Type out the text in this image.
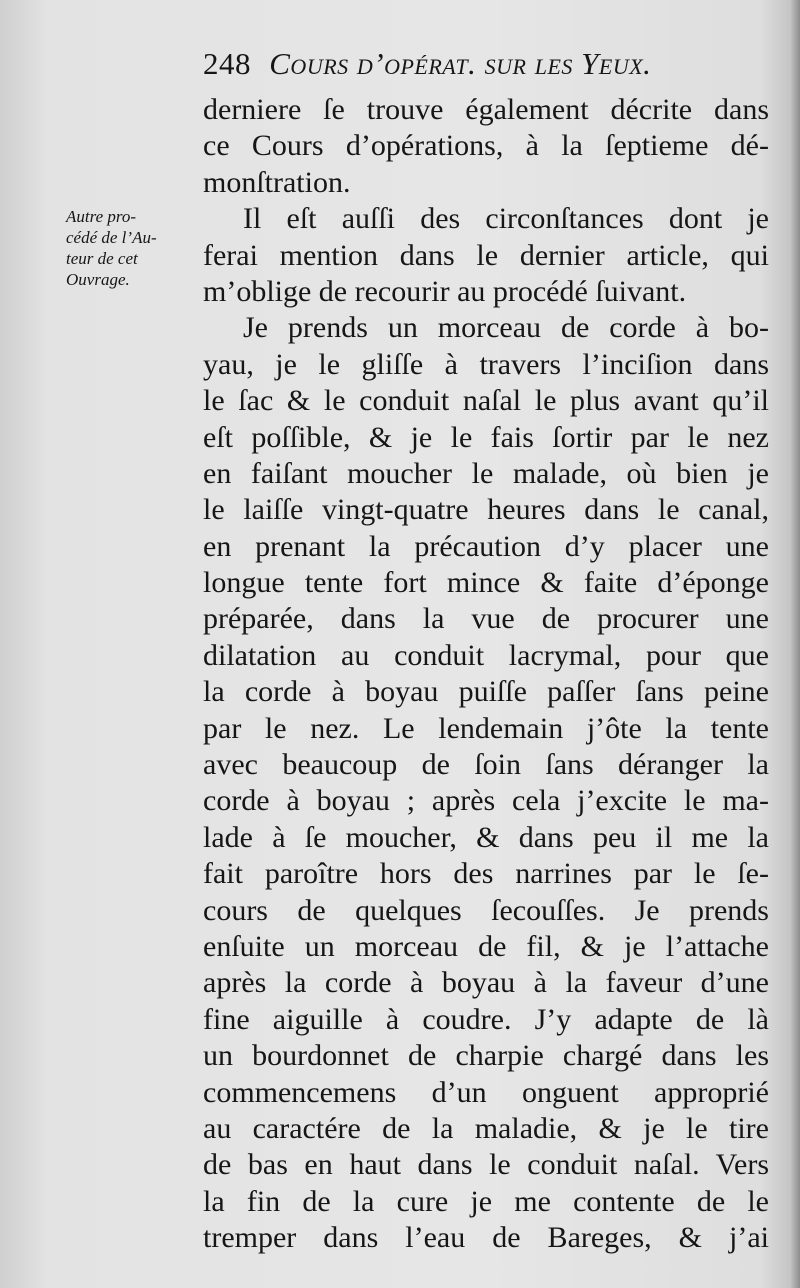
248 Cours d’opérat. sur les Yeux.
Autre pro-
cédé de l’Au-
teur de cet
Ouvrage.
derniere ſe trouve également décrite dans
ce Cours d’opérations, à la ſeptieme dé-
monſtration.
Il eſt auſſi des circonſtances dont je
ferai mention dans le dernier article, qui
m’oblige de recourir au procédé ſuivant.
Je prends un morceau de corde à bo-
yau, je le gliſſe à travers l’inciſion dans
le ſac & le conduit naſal le plus avant qu’il
eſt poſſible, & je le fais ſortir par le nez
en faiſant moucher le malade, où bien je
le laiſſe vingt-quatre heures dans le canal,
en prenant la précaution d’y placer une
longue tente fort mince & faite d’éponge
préparée, dans la vue de procurer une
dilatation au conduit lacrymal, pour que
la corde à boyau puiſſe paſſer ſans peine
par le nez. Le lendemain j’ôte la tente
avec beaucoup de ſoin ſans déranger la
corde à boyau ; après cela j’excite le ma-
lade à ſe moucher, & dans peu il me la
fait paroître hors des narrines par le ſe-
cours de quelques ſecouſſes. Je prends
enſuite un morceau de fil, & je l’attache
après la corde à boyau à la faveur d’une
fine aiguille à coudre. J’y adapte de là
un bourdonnet de charpie chargé dans les
commencemens d’un onguent approprié
au caractére de la maladie, & je le tire
de bas en haut dans le conduit naſal. Vers
la fin de la cure je me contente de le
tremper dans l’eau de Bareges, & j’ai
